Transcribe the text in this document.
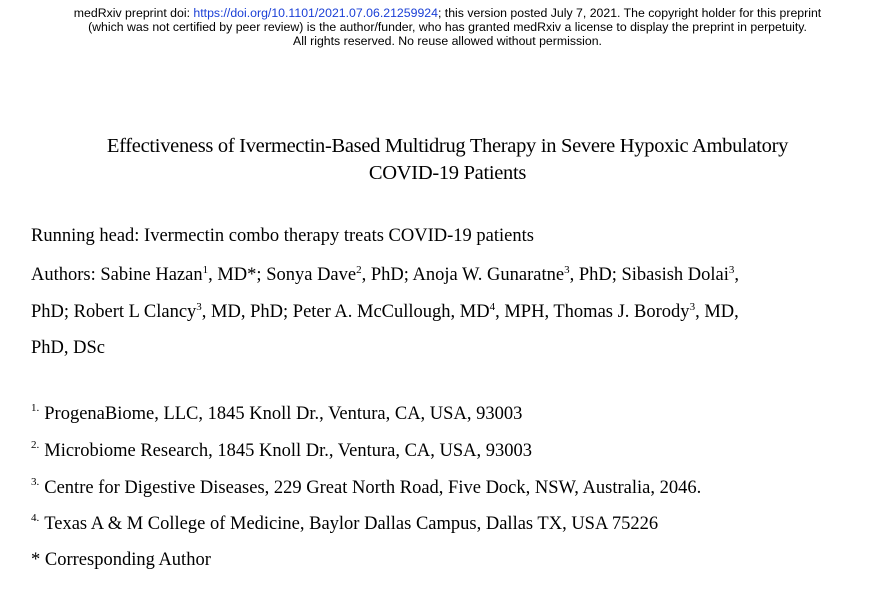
medRxiv preprint doi: https://doi.org/10.1101/2021.07.06.21259924; this version posted July 7, 2021. The copyright holder for this preprint
(which was not certified by peer review) is the author/funder, who has granted medRxiv a license to display the preprint in perpetuity.
All rights reserved. No reuse allowed without permission.
Effectiveness of Ivermectin-Based Multidrug Therapy in Severe Hypoxic Ambulatory
COVID-19 Patients
Running head: Ivermectin combo therapy treats COVID-19 patients
Authors: Sabine Hazan$^1$, MD*; Sonya Dave$^2$, PhD; Anoja W. Gunaratne$^3$, PhD; Sibasish Dolai$^3$,
PhD; Robert L Clancy$^3$, MD, PhD; Peter A. McCullough, $MD^4$, MPH, Thomas J. Borody$^3$, MD,
PhD, DSc
$^{1.}$ ProgenaBiome, LLC, 1845 Knoll Dr., Ventura, CA, USA, 93003
$^{2.}$ Microbiome Research, 1845 Knoll Dr., Ventura, CA, USA, 93003
$^{3.}$ Centre for Digestive Diseases, 229 Great North Road, Five Dock, NSW, Australia, 2046.
$^{4.}$ Texas A & M College of Medicine, Baylor Dallas Campus, Dallas TX, USA 75226
* Corresponding Author
